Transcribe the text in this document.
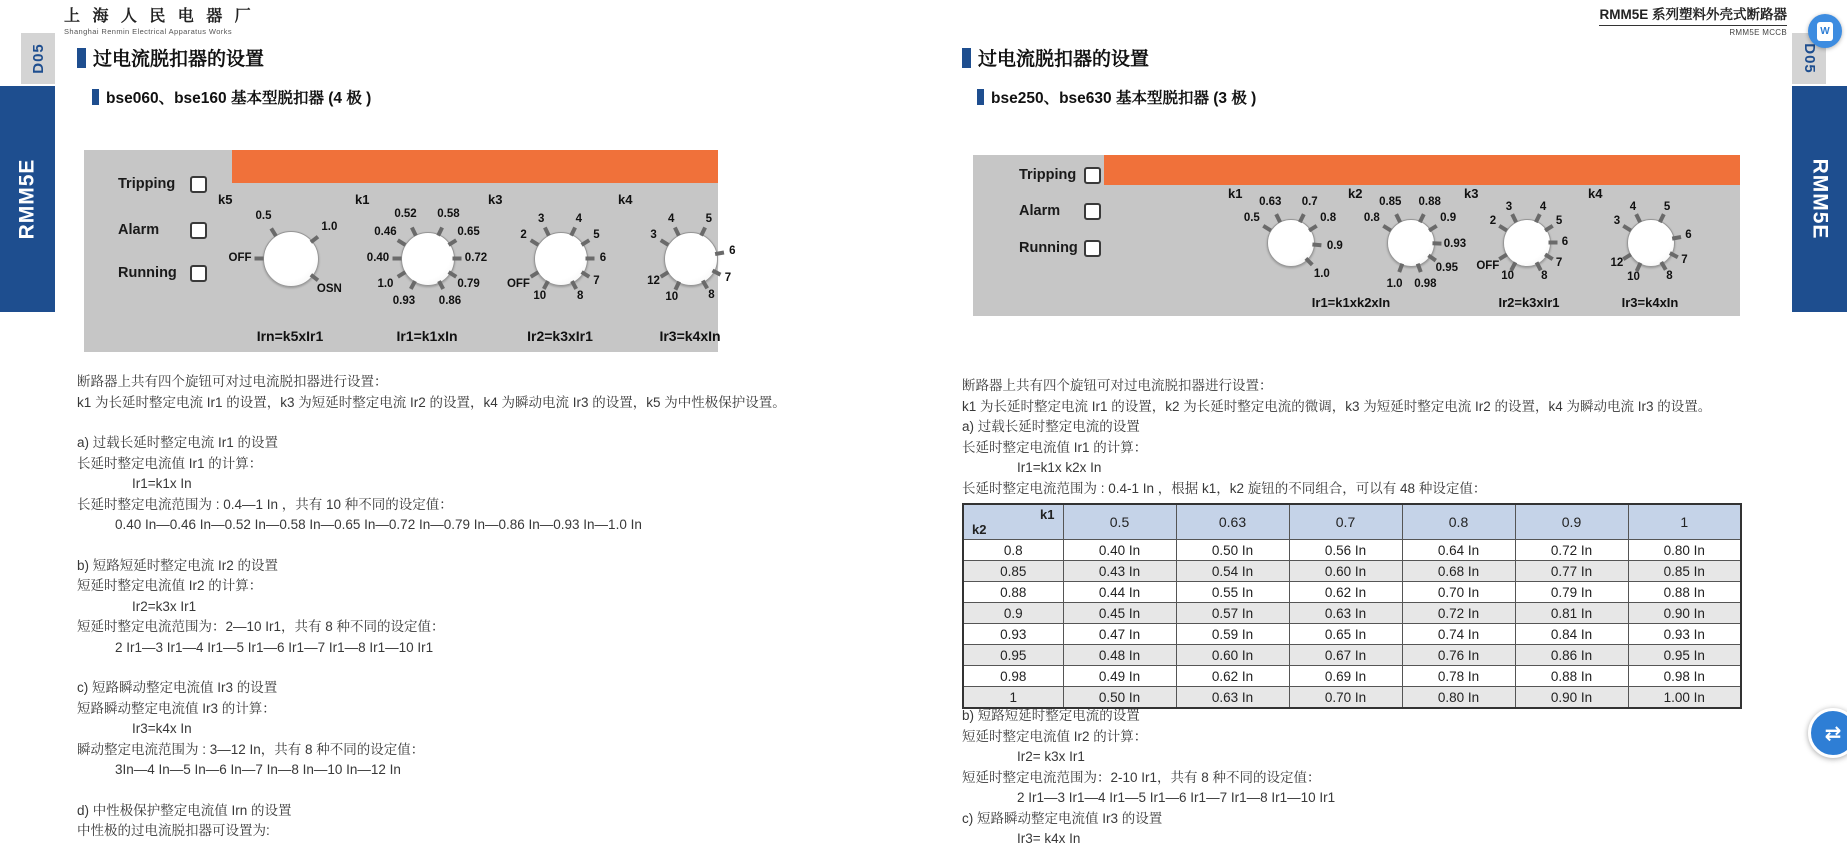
上 海 人 民 电 器 厂
Shanghai Renmin Electrical Apparatus Works
RMM5E 系列塑料外壳式断路器
RMM5E MCCB
D05
RMM5E
D05
RMM5E
W
⇄
过电流脱扣器的设置
bse060、bse160 基本型脱扣器 (4 极 )
Tripping
Alarm
Running
k5
OFF
0.5
1.0
OSN
k1
0.40
0.46
0.52 0.58
0.65
0.72
0.79
0.86
0.93
1.0
k3
OFF
2
3	4
5
6
7
8
10
k4
3
4	5
6
7
8
10
12
Irn=k5xIr1	Ir1=k1xIn	Ir2=k3xIr1	Ir3=k4xIn
断路器上共有四个旋钮可对过电流脱扣器进行设置：
k1 为长延时整定电流 Ir1 的设置，k3 为短延时整定电流 Ir2 的设置，k4 为瞬动电流 Ir3 的设置，k5 为中性极保护设置。
a) 过载长延时整定电流 Ir1 的设置
长延时整定电流值 Ir1 的计算：
Ir1=k1x In
长延时整定电流范围为 : 0.4—1 In ，共有 10 种不同的设定值：
0.40 In—0.46 In—0.52 In—0.58 In—0.65 In—0.72 In—0.79 In—0.86 In—0.93 In—1.0 In
b) 短路短延时整定电流 Ir2 的设置
短延时整定电流值 Ir2 的计算：
Ir2=k3x Ir1
短延时整定电流范围为：2—10 Ir1，共有 8 种不同的设定值：
2 Ir1—3 Ir1—4 Ir1—5 Ir1—6 Ir1—7 Ir1—8 Ir1—10 Ir1
c) 短路瞬动整定电流值 Ir3 的设置
短路瞬动整定电流值 Ir3 的计算：
Ir3=k4x In
瞬动整定电流范围为 : 3—12 In，共有 8 种不同的设定值：
3In—4 In—5 In—6 In—7 In—8 In—10 In—12 In
d) 中性极保护整定电流值 Irn 的设置
中性极的过电流脱扣器可设置为:
过电流脱扣器的设置
bse250、bse630 基本型脱扣器 (3 极 )
Tripping
Alarm
Running
k1
0.5
0.63 0.7
0.8
0.9
1.0
k2
0.8
0.85 0.88
0.9
0.93
0.95
0.98
1.0
k3
OFF
2
3 4
5
6
7
8
10
k4
3
4 5
6
7
8
10
12
Ir1=k1xk2xIn	Ir2=k3xIr1	Ir3=k4xIn
断路器上共有四个旋钮可对过电流脱扣器进行设置：
k1 为长延时整定电流 Ir1 的设置，k2 为长延时整定电流的微调，k3 为短延时整定电流 Ir2 的设置，k4 为瞬动电流 Ir3 的设置。
a) 过载长延时整定电流的设置
长延时整定电流值 Ir1 的计算：
Ir1=k1x k2x In
长延时整定电流范围为 : 0.4-1 In ，根据 k1，k2 旋钮的不同组合，可以有 48 种设定值：
k1
k2	0.5	0.63	0.7	0.8	0.9	1
0.8	0.40 In	0.50 In	0.56 In	0.64 In	0.72 In	0.80 In
0.85	0.43 In	0.54 In	0.60 In	0.68 In	0.77 In	0.85 In
0.88	0.44 In	0.55 In	0.62 In	0.70 In	0.79 In	0.88 In
0.9	0.45 In	0.57 In	0.63 In	0.72 In	0.81 In	0.90 In
0.93	0.47 In	0.59 In	0.65 In	0.74 In	0.84 In	0.93 In
0.95	0.48 In	0.60 In	0.67 In	0.76 In	0.86 In	0.95 In
0.98	0.49 In	0.62 In	0.69 In	0.78 In	0.88 In	0.98 In
1	0.50 In	0.63 In	0.70 In	0.80 In	0.90 In	1.00 In
b) 短路短延时整定电流的设置
短延时整定电流值 Ir2 的计算：
Ir2= k3x Ir1
短延时整定电流范围为：2-10 Ir1，共有 8 种不同的设定值：
2 Ir1—3 Ir1—4 Ir1—5 Ir1—6 Ir1—7 Ir1—8 Ir1—10 Ir1
c) 短路瞬动整定电流值 Ir3 的设置
Ir3= k4x In
